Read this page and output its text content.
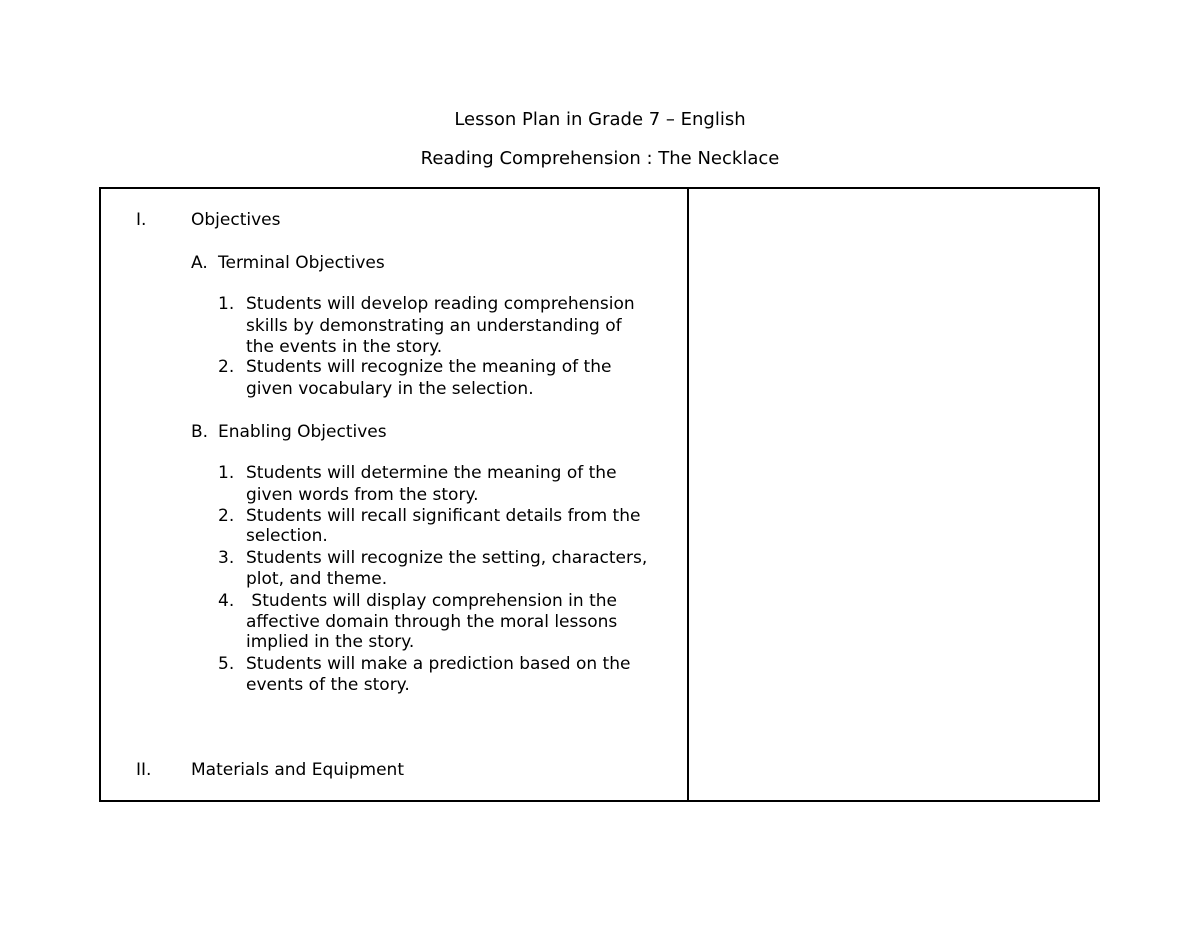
Lesson Plan in Grade 7 – English
Reading Comprehension : The Necklace
I.	Objectives
A. Terminal Objectives
1. Students will develop reading comprehension
skills by demonstrating an understanding of
the events in the story.
2. Students will recognize the meaning of the
given vocabulary in the selection.
B. Enabling Objectives
1. Students will determine the meaning of the
given words from the story.
2. Students will recall significant details from the
selection.
3. Students will recognize the setting, characters,
plot, and theme.
4. Students will display comprehension in the
affective domain through the moral lessons
implied in the story.
5. Students will make a prediction based on the
events of the story.
II. Materials and Equipment
